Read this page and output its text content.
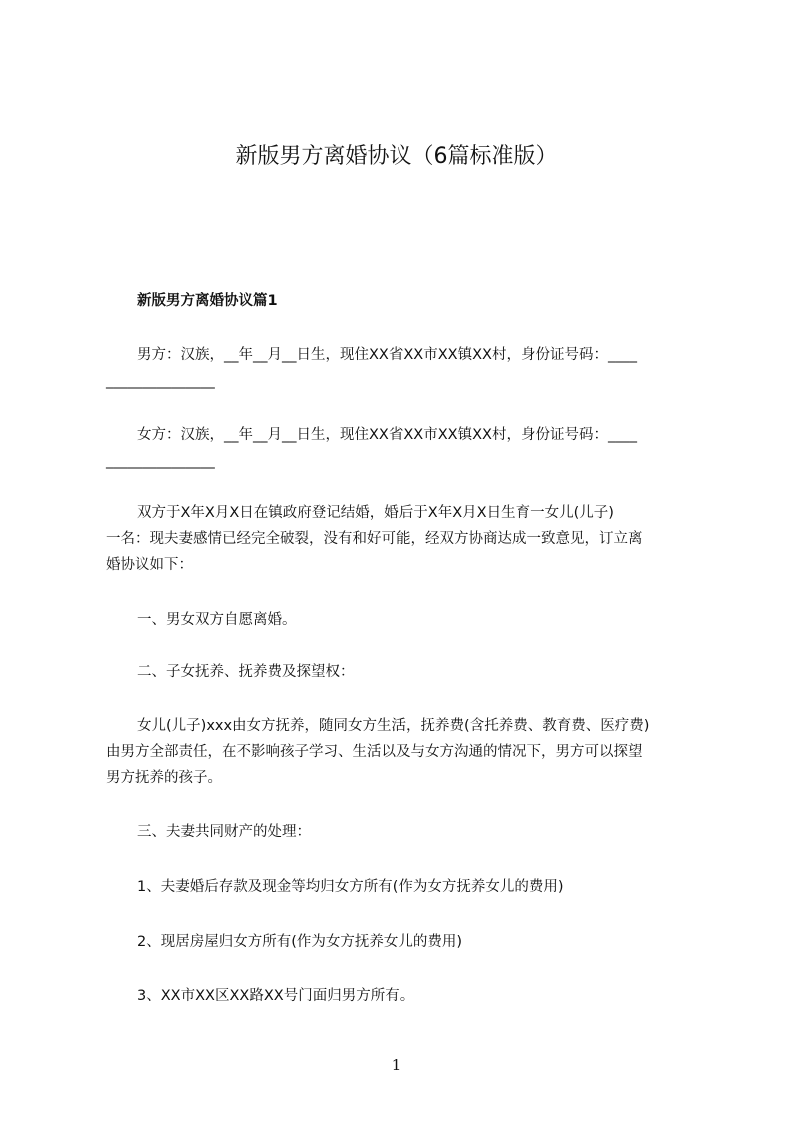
新版男方离婚协议（6篇标准版）
新版男方离婚协议篇1
男方：汉族，__年__月__日生，现住XX省XX市XX镇XX村，身份证号码：____
_______________
女方：汉族，__年__月__日生，现住XX省XX市XX镇XX村，身份证号码：____
_______________
双方于X年X月X日在镇政府登记结婚，婚后于X年X月X日生育一女儿(儿子)
一名：现夫妻感情已经完全破裂，没有和好可能，经双方协商达成一致意见，订立离
婚协议如下：
一、男女双方自愿离婚。
二、子女抚养、抚养费及探望权：
女儿(儿子)xxx由女方抚养，随同女方生活，抚养费(含托养费、教育费、医疗费)
由男方全部责任，在不影响孩子学习、生活以及与女方沟通的情况下，男方可以探望
男方抚养的孩子。
三、夫妻共同财产的处理：
1、夫妻婚后存款及现金等均归女方所有(作为女方抚养女儿的费用)
2、现居房屋归女方所有(作为女方抚养女儿的费用)
3、XX市XX区XX路XX号门面归男方所有。
1
